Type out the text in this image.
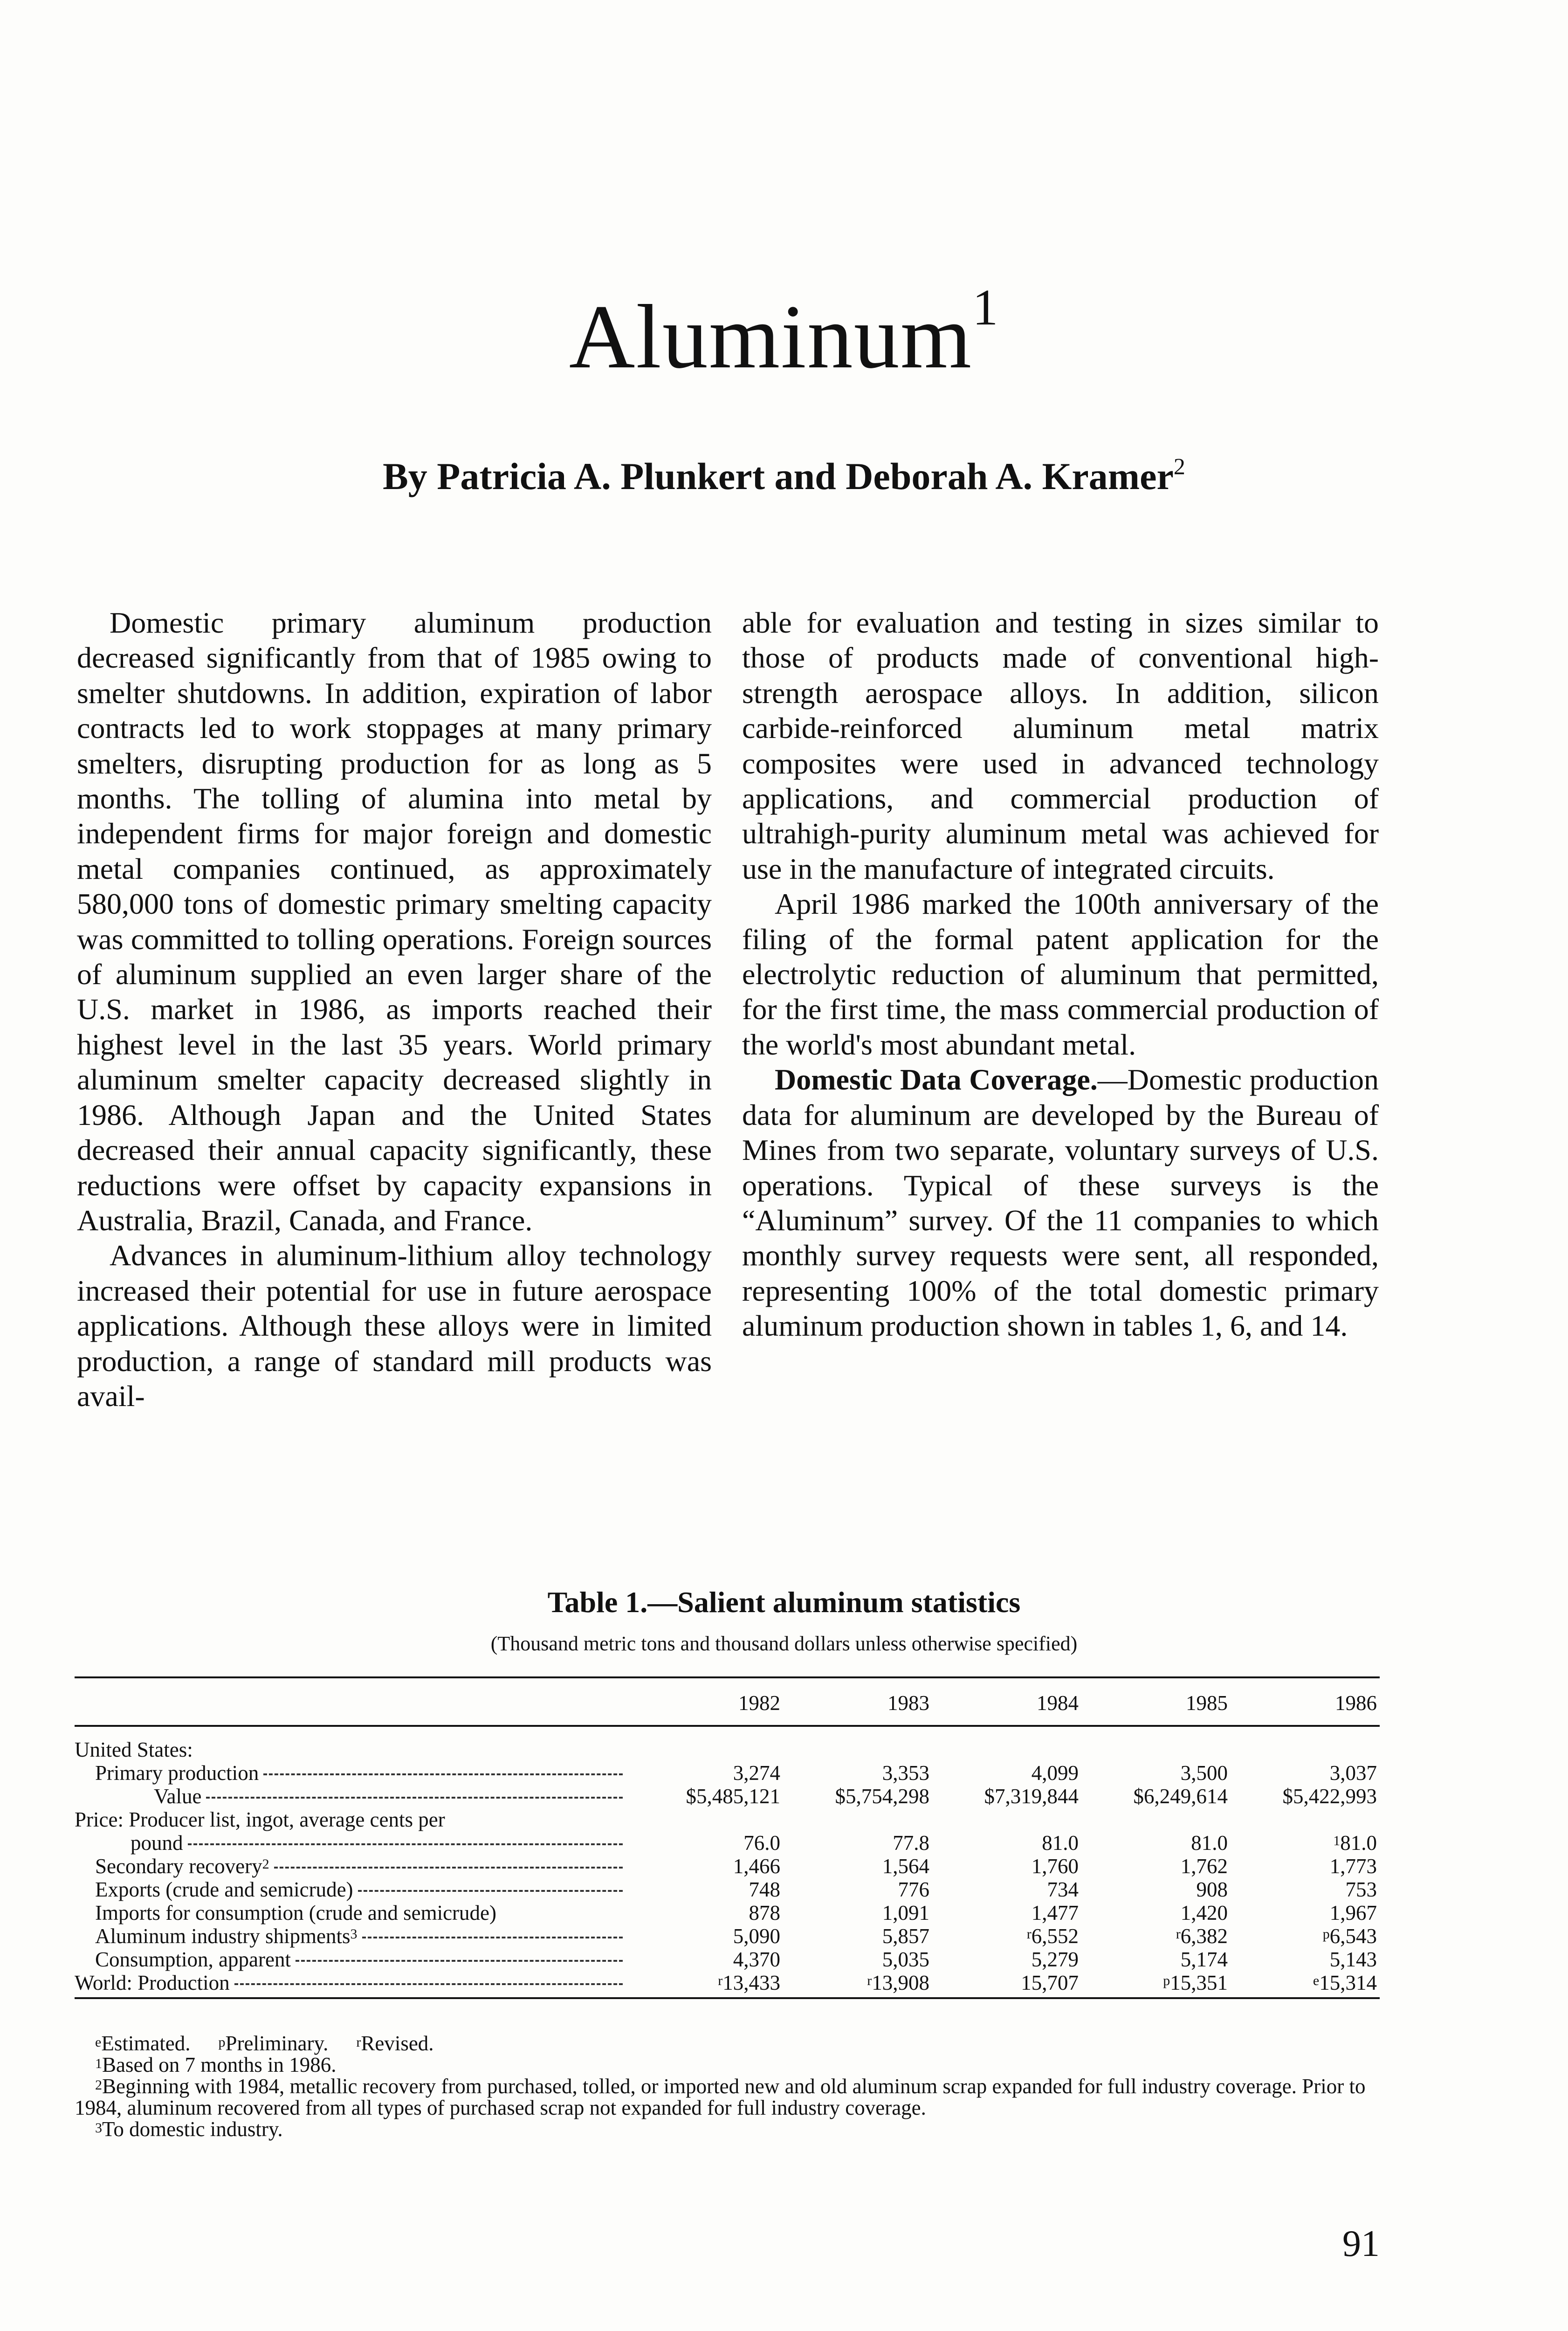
Aluminum$^1$
By Patricia A. Plunkert and Deborah A. Kramer$^2$

Domestic primary aluminum production decreased significantly from that of 1985 owing to smelter shutdowns. In addition, expiration of labor contracts led to work stoppages at many primary smelters, disrupting production for as long as 5 months. The tolling of alumina into metal by independent firms for major foreign and domestic metal companies continued, as approximately 580,000 tons of domestic primary smelting capacity was committed to tolling operations. Foreign sources of aluminum supplied an even larger share of the U.S. market in 1986, as imports reached their highest level in the last 35 years. World primary aluminum smelter capacity decreased slightly in 1986. Although Japan and the United States decreased their annual capacity significantly, these reductions were offset by capacity expansions in Australia, Brazil, Canada, and France.

Advances in aluminum-lithium alloy technology increased their potential for use in future aerospace applications. Although these alloys were in limited production, a range of standard mill products was avail-

able for evaluation and testing in sizes similar to those of products made of conventional high-strength aerospace alloys. In addition, silicon carbide-reinforced aluminum metal matrix composites were used in advanced technology applications, and commercial production of ultrahigh-purity aluminum metal was achieved for use in the manufacture of integrated circuits.

April 1986 marked the 100th anniversary of the filing of the formal patent application for the electrolytic reduction of aluminum that permitted, for the first time, the mass commercial production of the world's most abundant metal.

Domestic Data Coverage.—Domestic production data for aluminum are developed by the Bureau of Mines from two separate, voluntary surveys of U.S. operations. Typical of these surveys is the “Aluminum” survey. Of the 11 companies to which monthly survey requests were sent, all responded, representing 100% of the total domestic primary aluminum production shown in tables 1, 6, and 14.

Table 1.—Salient aluminum statistics
(Thousand metric tons and thousand dollars unless otherwise specified)
	1982	1983	1984	1985	1986
United States:					

Primary production	3,274	3,353	4,099	3,500	3,037

Value	$5,485,121	$5,754,298	$7,319,844	$6,249,614	$5,422,993
Price: Producer list, ingot, average cents per					

pound	76.0	77.8	81.0	81.0	$^1$81.0

Secondary recovery$^2$	1,466	1,564	1,760	1,762	1,773

Exports (crude and semicrude)	748	776	734	908	753

Imports for consumption (crude and semicrude)	878	1,091	1,477	1,420	1,967

Aluminum industry shipments$^3$	5,090	5,857	$^r$6,552	$^r$6,382	$^p$6,543

Consumption, apparent	4,370	5,035	5,279	5,174	5,143

World: Production	$^r$13,433	$^r$13,908	15,707	$^p$15,351	$^e$15,314

$^e$Estimated. $^p$Preliminary. $^r$Revised.

$^1$Based on 7 months in 1986.

$^2$Beginning with 1984, metallic recovery from purchased, tolled, or imported new and old aluminum scrap expanded for full industry coverage. Prior to 1984, aluminum recovered from all types of purchased scrap not expanded for full industry coverage.

$^3$To domestic industry.

91
